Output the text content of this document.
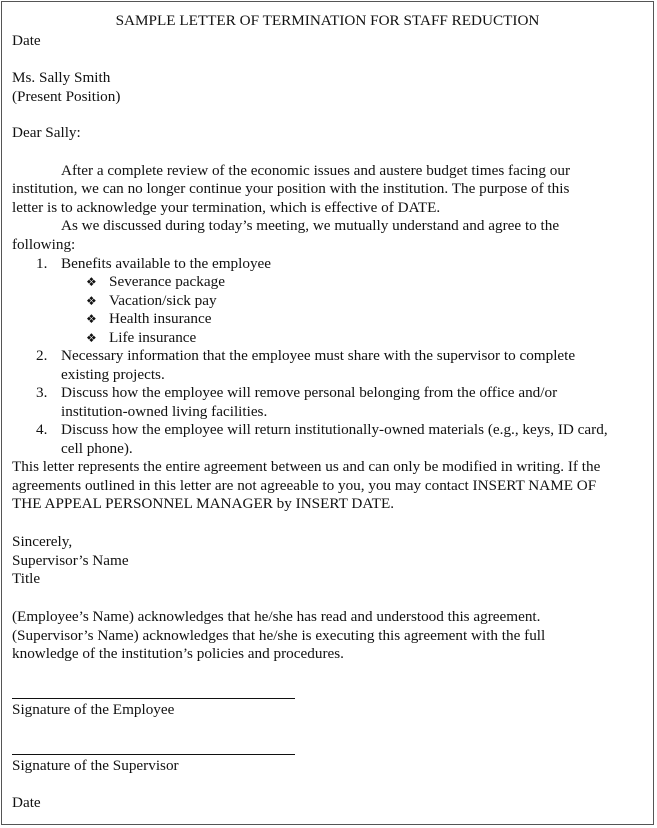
SAMPLE LETTER OF TERMINATION FOR STAFF REDUCTION
Date
Ms. Sally Smith
(Present Position)
Dear Sally:
After a complete review of the economic issues and austere budget times facing our
institution, we can no longer continue your position with the institution. The purpose of this
letter is to acknowledge your termination, which is effective of DATE.
As we discussed during today’s meeting, we mutually understand and agree to the
following:
1. Benefits available to the employee
❖ Severance package
❖ Vacation/sick pay
❖ Health insurance
❖ Life insurance
2. Necessary information that the employee must share with the supervisor to complete
existing projects.
3. Discuss how the employee will remove personal belonging from the office and/or
institution-owned living facilities.
4. Discuss how the employee will return institutionally-owned materials (e.g., keys, ID card,
cell phone).
This letter represents the entire agreement between us and can only be modified in writing. If the
agreements outlined in this letter are not agreeable to you, you may contact INSERT NAME OF
THE APPEAL PERSONNEL MANAGER by INSERT DATE.
Sincerely,
Supervisor’s Name
Title
(Employee’s Name) acknowledges that he/she has read and understood this agreement.
(Supervisor’s Name) acknowledges that he/she is executing this agreement with the full
knowledge of the institution’s policies and procedures.
Signature of the Employee
Signature of the Supervisor
Date
